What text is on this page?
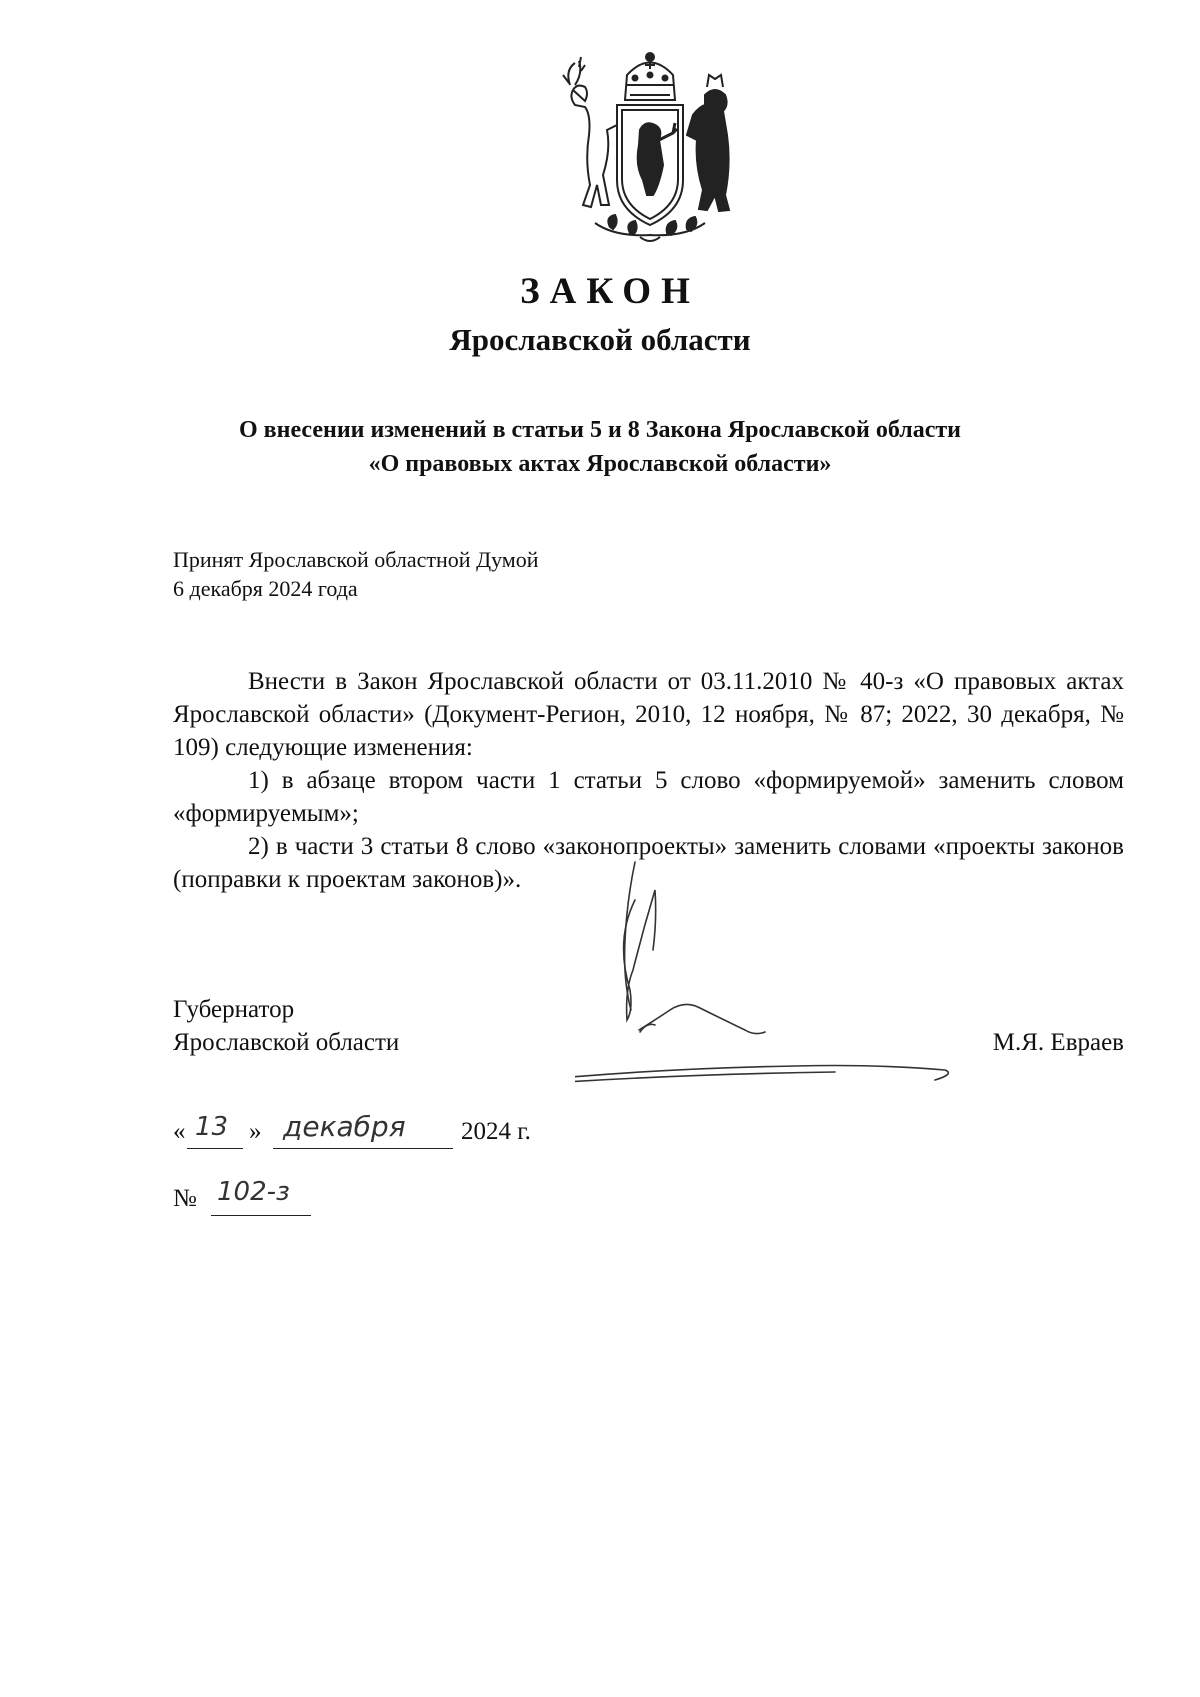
ЗАКОН
Ярославской области
О внесении изменений в статьи 5 и 8 Закона Ярославской области
«О правовых актах Ярославской области»
Принят Ярославской областной Думой
6 декабря 2024 года

Внести в Закон Ярославской области от 03.11.2010 № 40-з «О правовых актах Ярославской области» (Документ-Регион, 2010, 12 ноября, № 87; 2022, 30 декабря, № 109) следующие изменения:

1) в абзаце втором части 1 статьи 5 слово «формируемой» заменить словом «формируемым»;

2) в части 3 статьи 8 слово «законопроекты» заменить словами «проекты законов (поправки к проектам законов)».

Губернатор
Ярославской области	М.Я. Евраев
« 13 » декабря 2024 г.
№ 102-з
